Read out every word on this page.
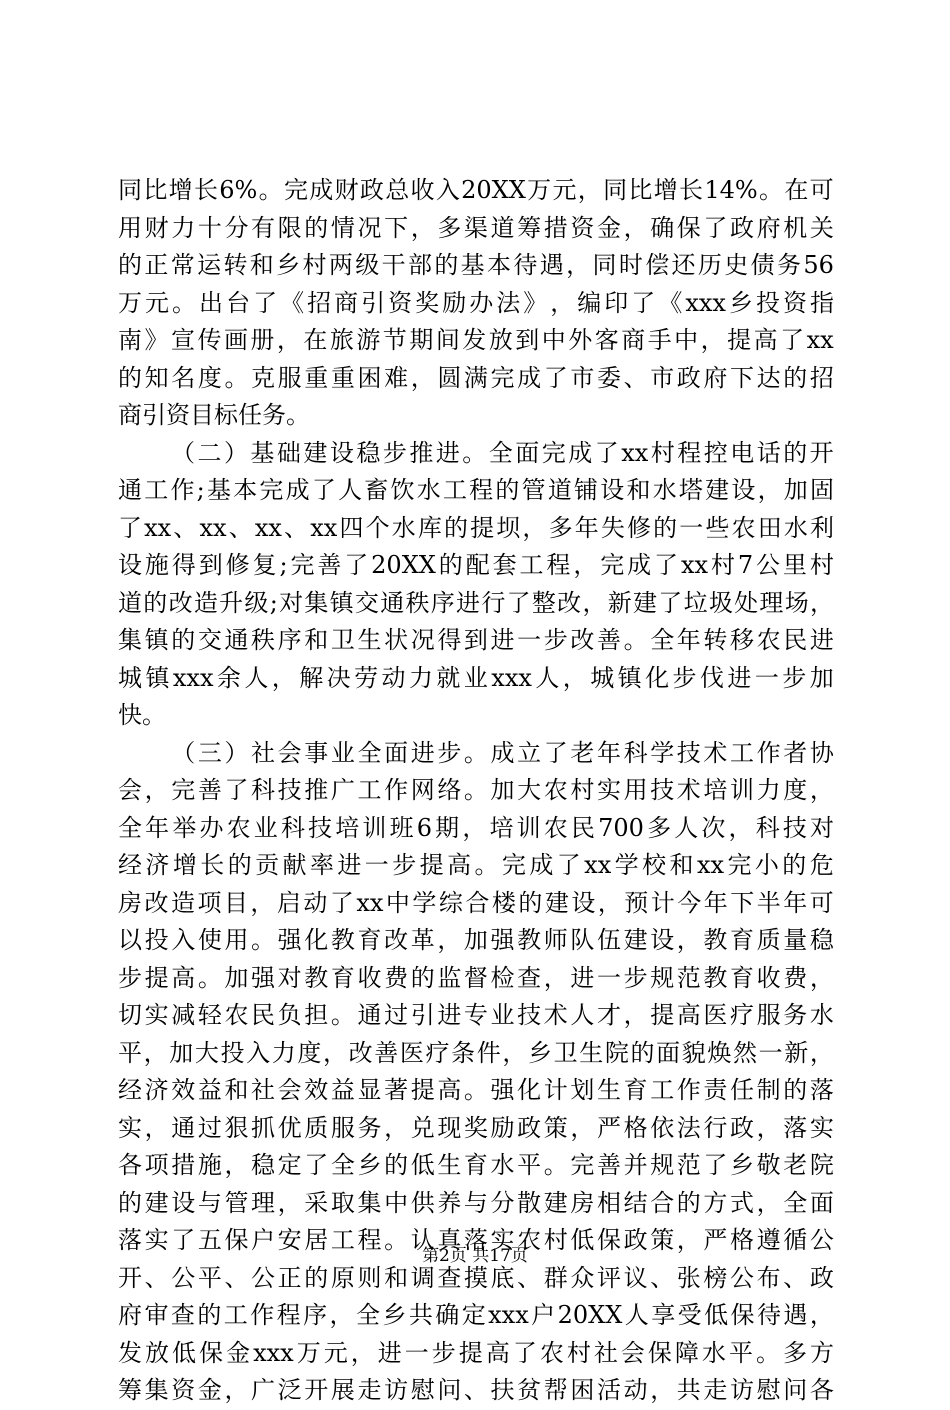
同 比 增 长 6% 。 完 成 财 政 总 收 入 20XX 万 元 ， 同 比 增 长 14% 。 在 可
用 财 力 十 分 有 限 的 情 况 下 ， 多 渠 道 筹 措 资 金 ， 确 保 了 政 府 机 关
的 正 常 运 转 和 乡 村 两 级 干 部 的 基 本 待 遇 ， 同 时 偿 还 历 史 债 务 56
万 元 。 出 台 了 《 招 商 引 资 奖 励 办 法 》 ， 编 印 了 《 xxx 乡 投 资 指
南 》 宣 传 画 册 ， 在 旅 游 节 期 间 发 放 到 中 外 客 商 手 中 ， 提 高 了 xx
的 知 名 度 。 克 服 重 重 困 难 ， 圆 满 完 成 了 市 委 、 市 政 府 下 达 的 招
商引资目标任务。

（ 二 ） 基 础 建 设 稳 步 推 进 。 全 面 完 成 了 xx 村 程 控 电 话 的 开
通 工 作 ; 基 本 完 成 了 人 畜 饮 水 工 程 的 管 道 铺 设 和 水 塔 建 设 ， 加 固
了 xx 、 xx 、 xx 、 xx 四 个 水 库 的 提 坝 ， 多 年 失 修 的 一 些 农 田 水 利
设 施 得 到 修 复 ; 完 善 了 20XX 的 配 套 工 程 ， 完 成 了 xx 村 7 公 里 村
道 的 改 造 升 级 ; 对 集 镇 交 通 秩 序 进 行 了 整 改 ， 新 建 了 垃 圾 处 理 场 ，
集 镇 的 交 通 秩 序 和 卫 生 状 况 得 到 进 一 步 改 善 。 全 年 转 移 农 民 进
城 镇 xxx 余 人 ， 解 决 劳 动 力 就 业 xxx 人 ， 城 镇 化 步 伐 进 一 步 加
快。

（ 三 ） 社 会 事 业 全 面 进 步 。 成 立 了 老 年 科 学 技 术 工 作 者 协
会 ， 完 善 了 科 技 推 广 工 作 网 络 。 加 大 农 村 实 用 技 术 培 训 力 度 ，
全 年 举 办 农 业 科 技 培 训 班 6 期 ， 培 训 农 民 700 多 人 次 ， 科 技 对
经 济 增 长 的 贡 献 率 进 一 步 提 高 。 完 成 了 xx 学 校 和 xx 完 小 的 危
房 改 造 项 目 ， 启 动 了 xx 中 学 综 合 楼 的 建 设 ， 预 计 今 年 下 半 年 可
以 投 入 使 用 。 强 化 教 育 改 革 ， 加 强 教 师 队 伍 建 设 ， 教 育 质 量 稳
步 提 高 。 加 强 对 教 育 收 费 的 监 督 检 查 ， 进 一 步 规 范 教 育 收 费 ，
切 实 减 轻 农 民 负 担 。 通 过 引 进 专 业 技 术 人 才 ， 提 高 医 疗 服 务 水
平 ， 加 大 投 入 力 度 ， 改 善 医 疗 条 件 ， 乡 卫 生 院 的 面 貌 焕 然 一 新 ，
经 济 效 益 和 社 会 效 益 显 著 提 高 。 强 化 计 划 生 育 工 作 责 任 制 的 落
实 ， 通 过 狠 抓 优 质 服 务 ， 兑 现 奖 励 政 策 ， 严 格 依 法 行 政 ， 落 实
各 项 措 施 ， 稳 定 了 全 乡 的 低 生 育 水 平 。 完 善 并 规 范 了 乡 敬 老 院
的 建 设 与 管 理 ， 采 取 集 中 供 养 与 分 散 建 房 相 结 合 的 方 式 ， 全 面
落 实 了 五 保 户 安 居 工 程 。 认 真 落 实 农 村 低 保 政 策 ， 严 格 遵 循 公
开 、 公 平 、 公 正 的 原 则 和 调 查 摸 底 、 群 众 评 议 、 张 榜 公 布 、 政
府 审 查 的 工 作 程 序 ， 全 乡 共 确 定 xxx 户 20XX 人 享 受 低 保 待 遇 ，
发 放 低 保 金 xxx 万 元 ， 进 一 步 提 高 了 农 村 社 会 保 障 水 平 。 多 方
筹 集 资 金 ， 广 泛 开 展 走 访 慰 问 、 扶 贫 帮 困 活 动 ， 共 走 访 慰 问 各
第2页 共17页
